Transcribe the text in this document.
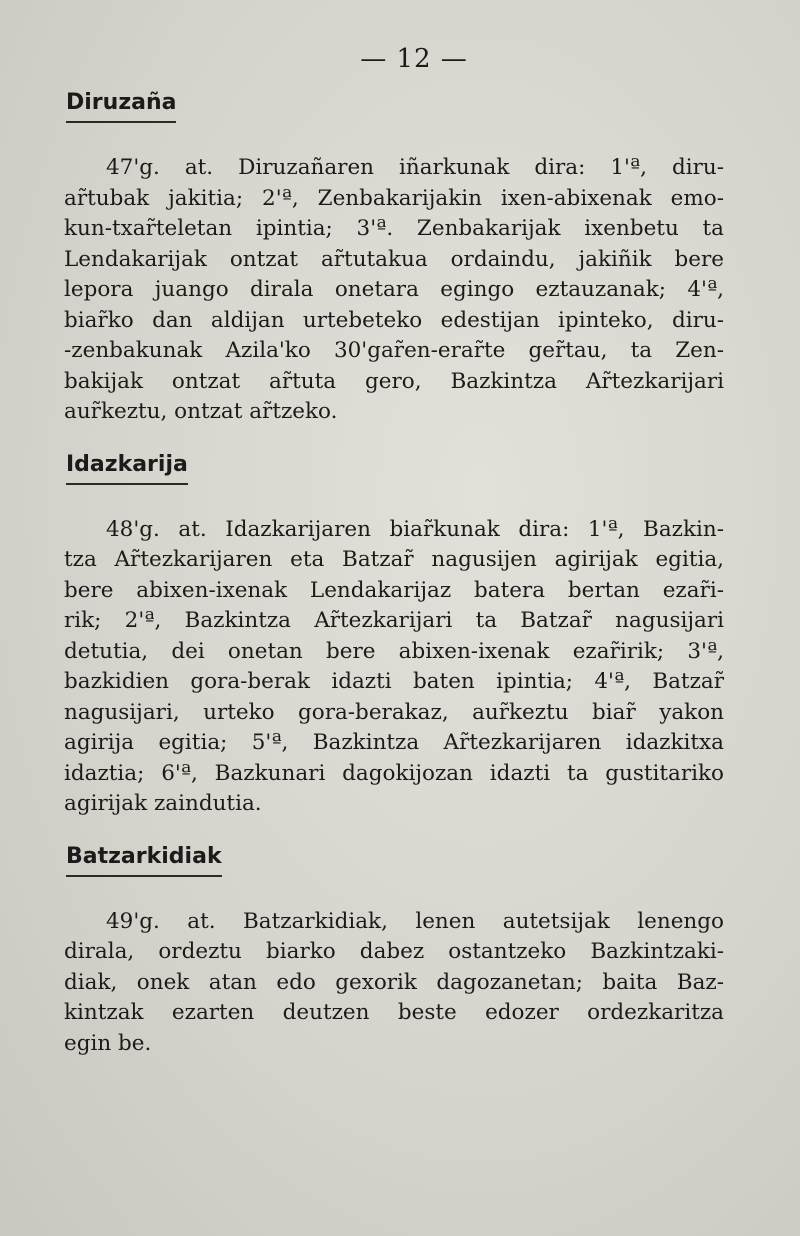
— 12 —
Diruzaña
47'g. at. Diruzañaren iñarkunak dira: 1'ª, diru-
ar̃tubak jakitia; 2'ª, Zenbakarijakin ixen-abixenak emo-
kun-txar̃teletan ipintia; 3'ª. Zenbakarijak ixenbetu ta
Lendakarijak ontzat ar̃tutakua ordaindu, jakiñik bere
lepora juango dirala onetara egingo eztauzanak; 4'ª,
biar̃ko dan aldijan urtebeteko edestijan ipinteko, diru-
-zenbakunak Azila'ko 30'gar̃en-erar̃te ger̃tau, ta Zen-
bakijak ontzat ar̃tuta gero, Bazkintza Ar̃tezkarijari
aur̃keztu, ontzat ar̃tzeko.
Idazkarija
48'g. at. Idazkarijaren biar̃kunak dira: 1'ª, Bazkin-
tza Ar̃tezkarijaren eta Batzar̃ nagusijen agirijak egitia,
bere abixen-ixenak Lendakarijaz batera bertan ezar̃i-
rik; 2'ª, Bazkintza Ar̃tezkarijari ta Batzar̃ nagusijari
detutia, dei onetan bere abixen-ixenak ezar̃irik; 3'ª,
bazkidien gora-berak idazti baten ipintia; 4'ª, Batzar̃
nagusijari, urteko gora-berakaz, aur̃keztu biar̃ yakon
agirija egitia; 5'ª, Bazkintza Ar̃tezkarijaren idazkitxa
idaztia; 6'ª, Bazkunari dagokijozan idazti ta gustitariko
agirijak zaindutia.
Batzarkidiak
49'g. at. Batzarkidiak, lenen autetsijak lenengo
dirala, ordeztu biarko dabez ostantzeko Bazkintzaki-
diak, onek atan edo gexorik dagozanetan; baita Baz-
kintzak ezarten deutzen beste edozer ordezkaritza
egin be.
